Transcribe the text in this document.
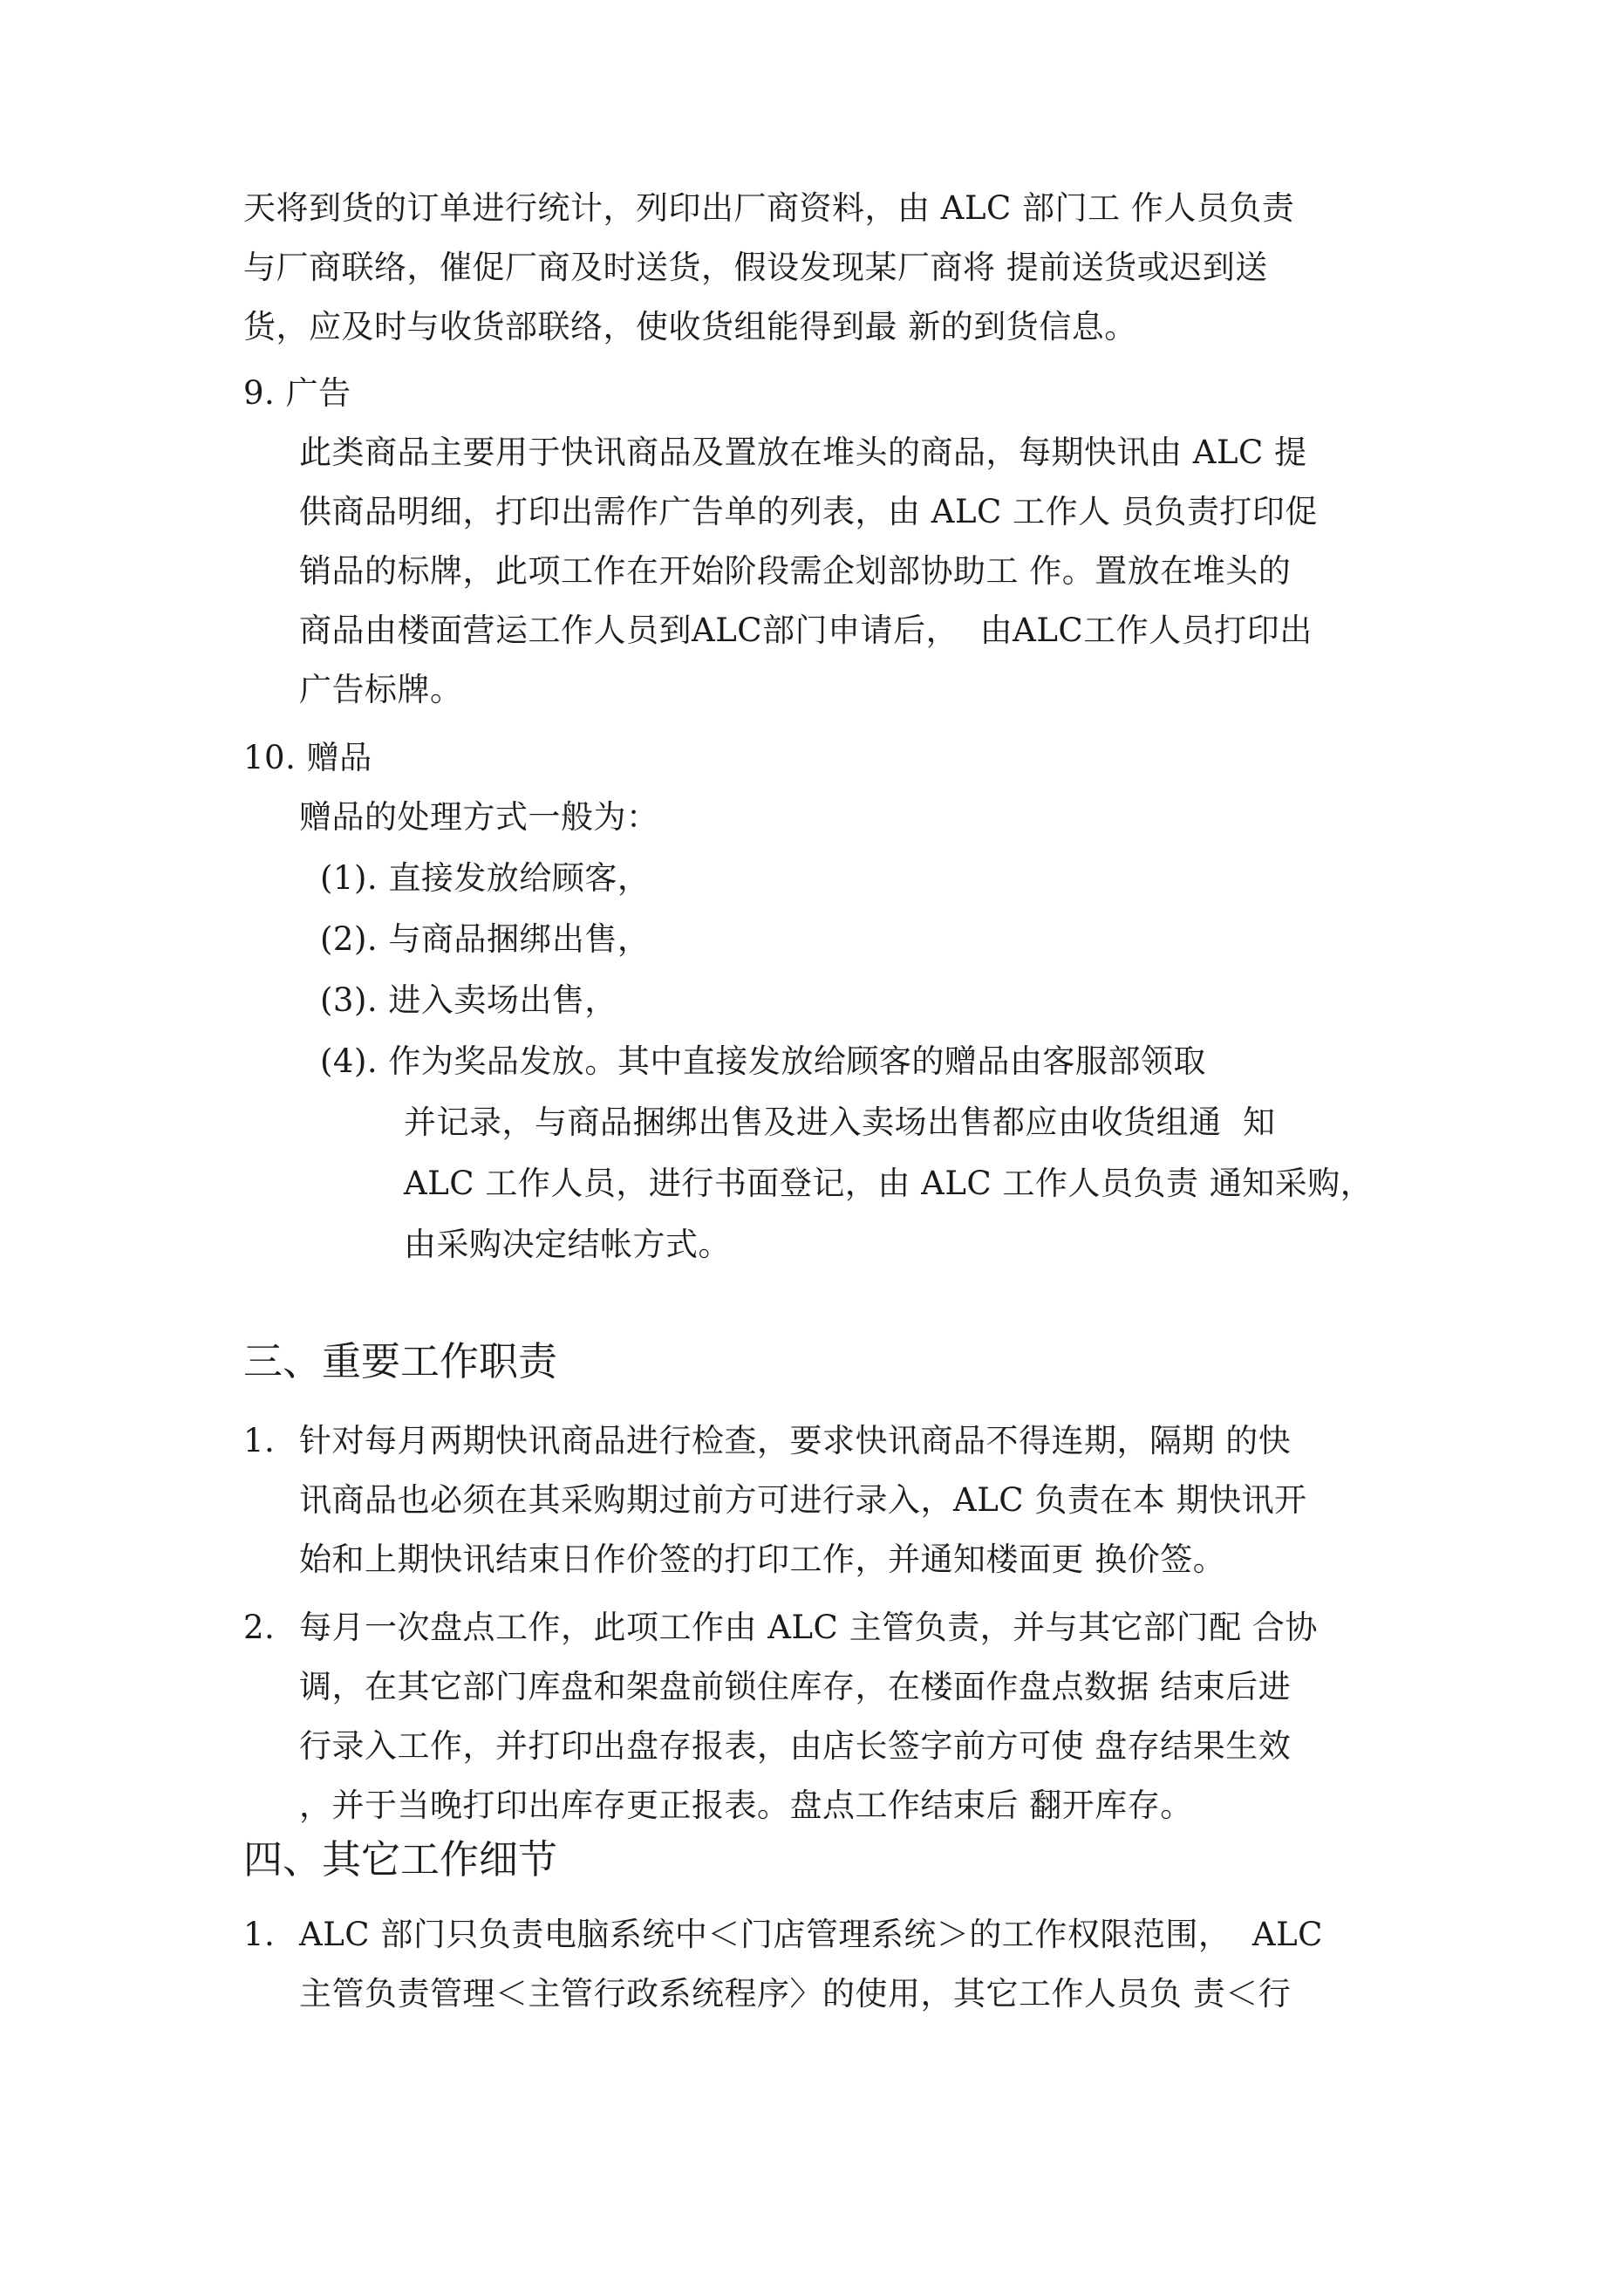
天将到货的订单进行统计，列印出厂商资料，由 ALC 部门工 作人员负责
与厂商联络，催促厂商及时送货，假设发现某厂商将 提前送货或迟到送
货，应及时与收货部联络，使收货组能得到最 新的到货信息。
9. 广告
此类商品主要用于快讯商品及置放在堆头的商品，每期快讯由 ALC 提
供商品明细，打印出需作广告单的列表，由 ALC 工作人 员负责打印促
销品的标牌，此项工作在开始阶段需企划部协助工 作。置放在堆头的
商品由楼面营运工作人员到ALC部门申请后，  由ALC工作人员打印出
广告标牌。
10. 赠品
赠品的处理方式一般为：
(1). 直接发放给顾客，
(2). 与商品捆绑出售，
(3). 进入卖场出售，
(4). 作为奖品发放。其中直接发放给顾客的赠品由客服部领取
并记录，与商品捆绑出售及进入卖场出售都应由收货组通  知
ALC 工作人员，进行书面登记，由 ALC 工作人员负责 通知采购，
由采购决定结帐方式。
三、重要工作职责
1. 针对每月两期快讯商品进行检查，要求快讯商品不得连期，隔期 的快
讯商品也必须在其采购期过前方可进行录入，ALC 负责在本 期快讯开
始和上期快讯结束日作价签的打印工作，并通知楼面更 换价签。
2. 每月一次盘点工作，此项工作由 ALC 主管负责，并与其它部门配 合协
调，在其它部门库盘和架盘前锁住库存，在楼面作盘点数据 结束后进
行录入工作，并打印出盘存报表，由店长签字前方可使 盘存结果生效
，并于当晚打印出库存更正报表。盘点工作结束后 翻开库存。
四、其它工作细节
1. ALC 部门只负责电脑系统中＜门店管理系统＞的工作权限范围，  ALC
主管负责管理＜主管行政系统程序〉的使用，其它工作人员负 责＜行
